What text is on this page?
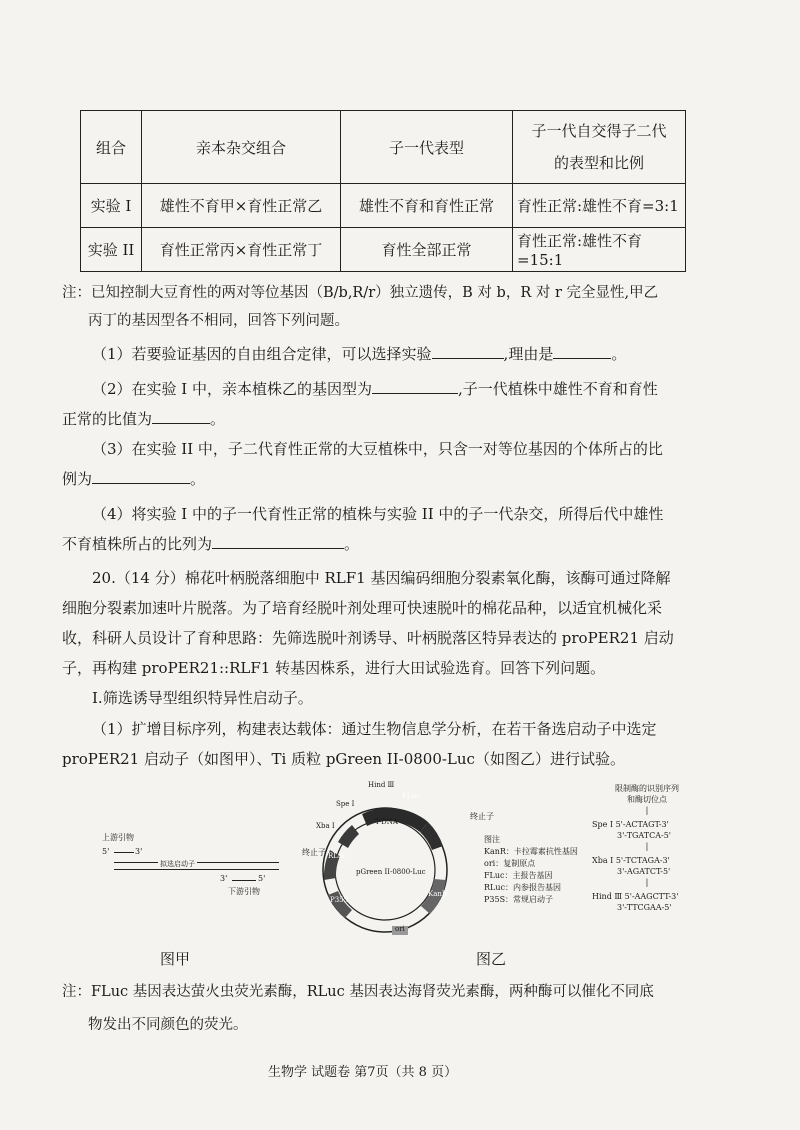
组合	亲本杂交组合	子一代表型	子一代自交得子二代
的表型和比例

实验 I	雄性不育甲×育性正常乙	雄性不育和育性正常	育性正常:雄性不育=3:1
实验 II	育性正常丙×育性正常丁	育性全部正常	育性正常:雄性不育=15:1
注：已知控制大豆育性的两对等位基因（B/b,R/r）独立遗传，B 对 b，R 对 r 完全显性,甲乙
丙丁的基因型各不相同，回答下列问题。
（1）若要验证基因的自由组合定律，可以选择实验	,理由是	。
（2）在实验 I 中，亲本植株乙的基因型为	,子一代植株中雄性不育和育性
正常的比值为	。
（3）在实验 II 中，子二代育性正常的大豆植株中，只含一对等位基因的个体所占的比
例为	。
（4）将实验 I 中的子一代育性正常的植株与实验 II 中的子一代杂交，所得后代中雄性
不育植株所占的比列为	。
20.（14 分）棉花叶柄脱落细胞中 RLF1 基因编码细胞分裂素氧化酶，该酶可通过降解
细胞分裂素加速叶片脱落。为了培育经脱叶剂处理可快速脱叶的棉花品种，以适宜机械化采
收，科研人员设计了育种思路：先筛选脱叶剂诱导、叶柄脱落区特异表达的 proPER21 启动
子，再构建 proPER21::RLF1 转基因株系，进行大田试验选育。回答下列问题。
I.筛选诱导型组织特异性启动子。
（1）扩增目标序列，构建表达载体：通过生物信息学分析，在若干备选启动子中选定
proPER21 启动子（如图甲）、Ti 质粒 pGreen II-0800-Luc（如图乙）进行试验。
上游引物
5'	3'
拟选启动子
3'	5'
下游引物
图甲
Hind Ⅲ
Spe Ⅰ
Xba Ⅰ
FLuc
T-DNA
终止子
终止子
pGreen II-0800-Luc
RLuc
P35S
KanR
ori
图乙
图注
KanR：卡拉霉素抗性基因
ori：复制原点
FLuc：主报告基因
RLuc：内参报告基因
P35S：常规启动子
限制酶的识别序列
和酶切位点
|
Spe Ⅰ 5'-ACTAGT-3'
3'-TGATCA-5'
|
Xba Ⅰ 5'-TCTAGA-3'
3'-AGATCT-5'
|
Hind Ⅲ 5'-AAGCTT-3'
3'-TTCGAA-5'
注：FLuc 基因表达萤火虫荧光素酶，RLuc 基因表达海肾荧光素酶，两种酶可以催化不同底
物发出不同颜色的荧光。
生物学 试题卷 第7页（共 8 页）
